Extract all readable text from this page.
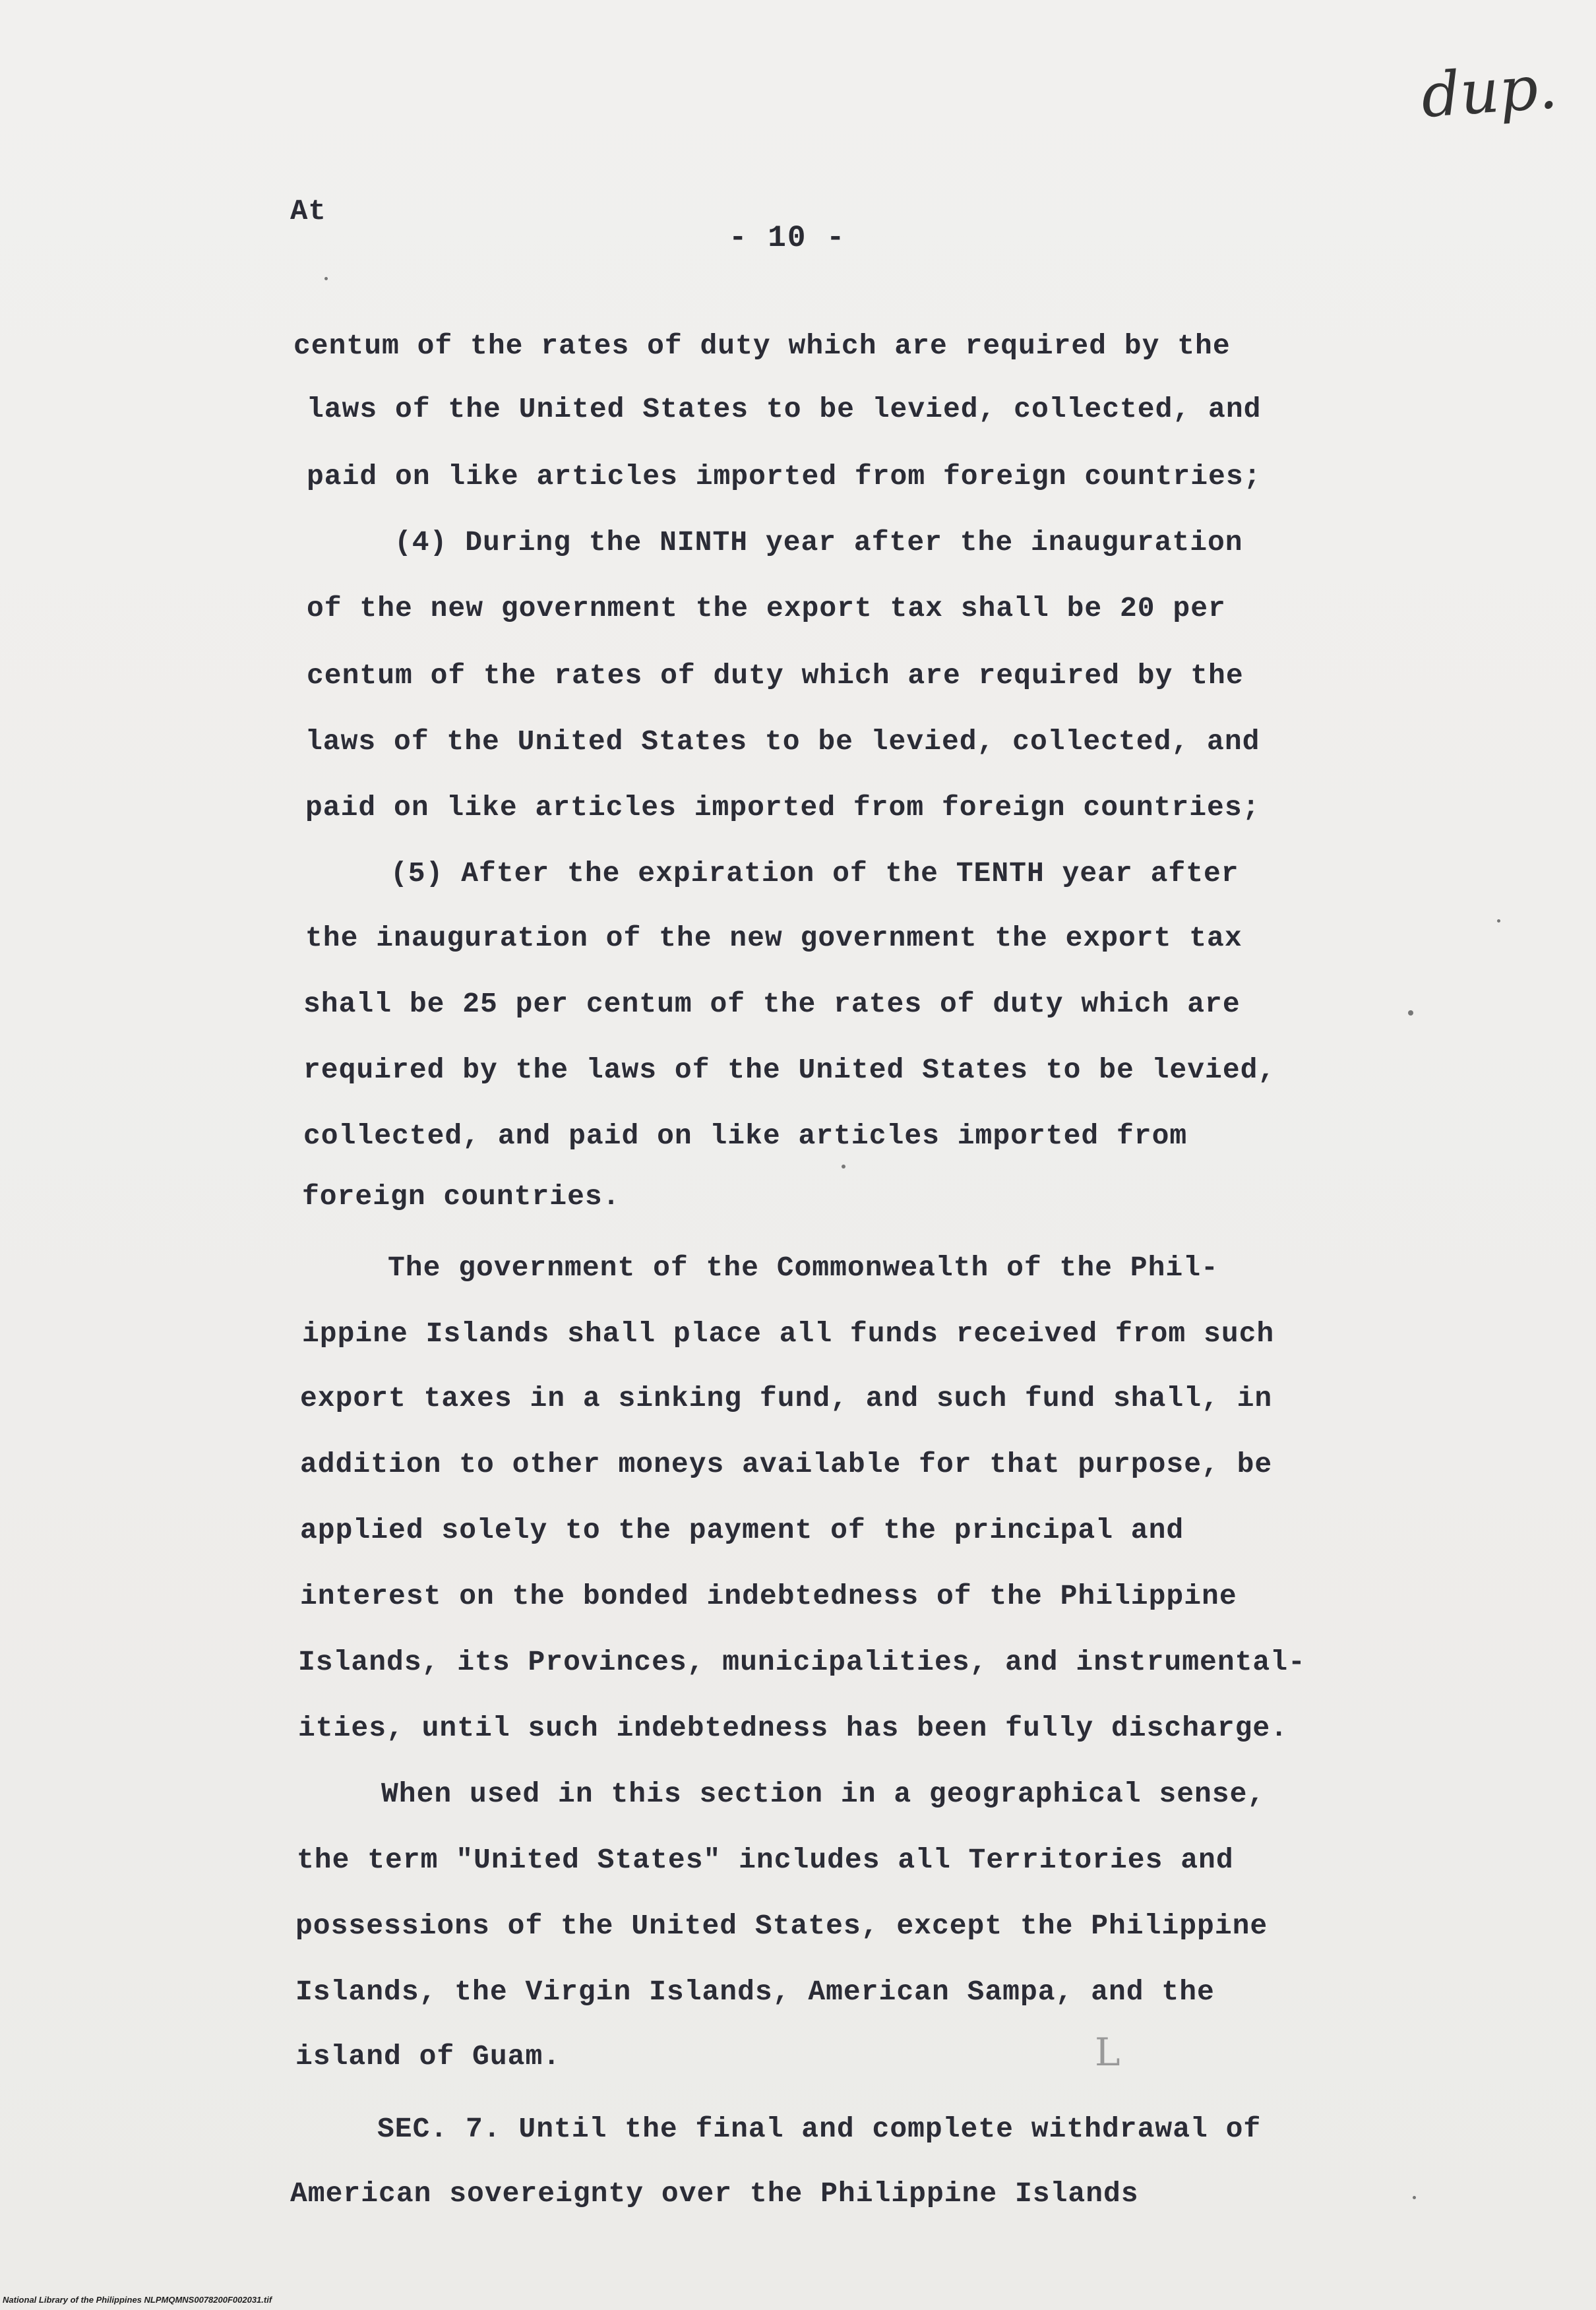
dup.
At
- 10 -
centum of the rates of duty which are required by the
laws of the United States to be levied, collected, and
paid on like articles imported from foreign countries;
(4) During the NINTH year after the inauguration
of the new government the export tax shall be 20 per
centum of the rates of duty which are required by the
laws of the United States to be levied, collected, and
paid on like articles imported from foreign countries;
(5) After the expiration of the TENTH year after
the inauguration of the new government the export tax
shall be 25 per centum of the rates of duty which are
required by the laws of the United States to be levied,
collected, and paid on like articles imported from
foreign countries.
The government of the Commonwealth of the Phil-
ippine Islands shall place all funds received from such
export taxes in a sinking fund, and such fund shall, in
addition to other moneys available for that purpose, be
applied solely to the payment of the principal and
interest on the bonded indebtedness of the Philippine
Islands, its Provinces, municipalities, and instrumental-
ities, until such indebtedness has been fully discharge.
When used in this section in a geographical sense,
the term "United States" includes all Territories and
possessions of the United States, except the Philippine
Islands, the Virgin Islands, American Sampa, and the
island of Guam.	L
SEC. 7. Until the final and complete withdrawal of
American sovereignty over the Philippine Islands
National Library of the Philippines NLPMQMNS0078200F002031.tif
